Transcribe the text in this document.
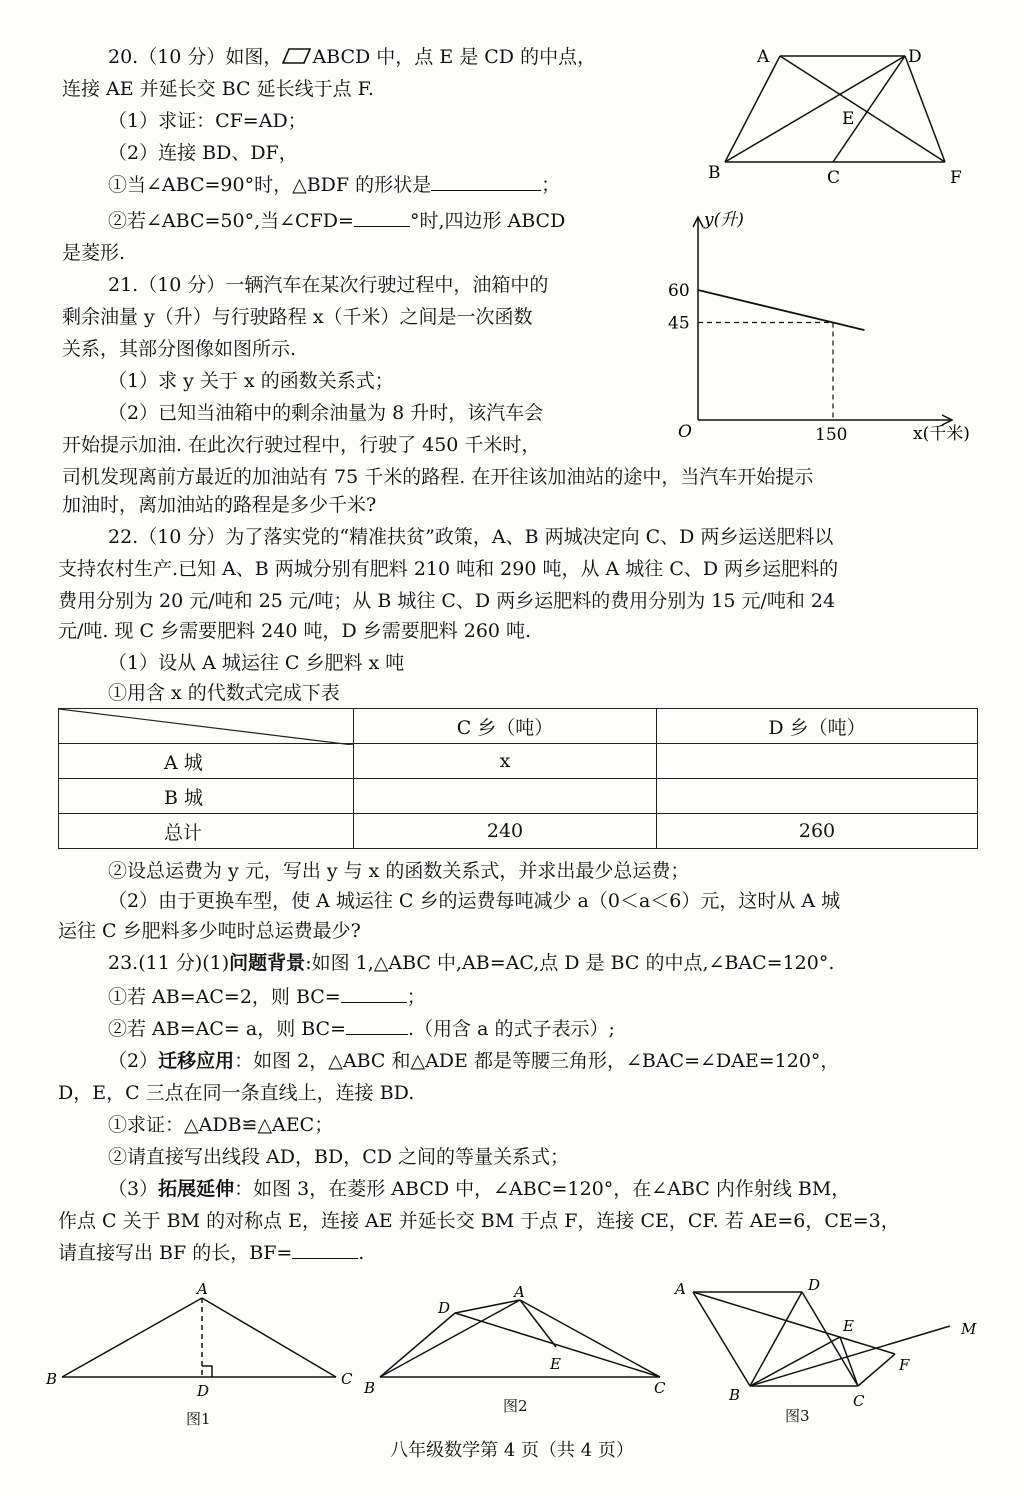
20.（10 分）如图， ABCD 中，点 E 是 CD 的中点，
连接 AE 并延长交 BC 延长线于点 F.
（1）求证：CF=AD；
（2）连接 BD、DF，
①当∠ABC=90°时，△BDF 的形状是	；
②若∠ABC=50°,当∠CFD=	°时,四边形 ABCD
是菱形.
A	D
E
B	C	F
21.（10 分）一辆汽车在某次行驶过程中，油箱中的
剩余油量 y（升）与行驶路程 x（千米）之间是一次函数
关系，其部分图像如图所示.
（1）求 y 关于 x 的函数关系式；
（2）已知当油箱中的剩余油量为 8 升时，该汽车会
开始提示加油. 在此次行驶过程中，行驶了 450 千米时，
司机发现离前方最近的加油站有 75 千米的路程. 在开往该加油站的途中，当汽车开始提示
加油时，离加油站的路程是多少千米?
y(升)
x(千米)
O
60
45
150
22.（10 分）为了落实党的“精准扶贫”政策，A、B 两城决定向 C、D 两乡运送肥料以
支持农村生产.已知 A、B 两城分别有肥料 210 吨和 290 吨，从 A 城往 C、D 两乡运肥料的
费用分别为 20 元/吨和 25 元/吨；从 B 城往 C、D 两乡运肥料的费用分别为 15 元/吨和 24
元/吨. 现 C 乡需要肥料 240 吨，D 乡需要肥料 260 吨.
（1）设从 A 城运往 C 乡肥料 x 吨
①用含 x 的代数式完成下表
	C 乡（吨）	D 乡（吨）
A 城	x	
B 城		
总计	240	260
②设总运费为 y 元，写出 y 与 x 的函数关系式，并求出最少总运费；
（2）由于更换车型，使 A 城运往 C 乡的运费每吨减少 a（0＜a＜6）元，这时从 A 城
运往 C 乡肥料多少吨时总运费最少?
23.(11 分)(1)问题背景:如图 1,△ABC 中,AB=AC,点 D 是 BC 的中点,∠BAC=120°.
①若 AB=AC=2，则 BC=	；
②若 AB=AC= a，则 BC=	.（用含 a 的式子表示）;
（2）迁移应用：如图 2，△ABC 和△ADE 都是等腰三角形，∠BAC=∠DAE=120°，
D，E，C 三点在同一条直线上，连接 BD.
①求证：△ADB≌△AEC；
②请直接写出线段 AD，BD，CD 之间的等量关系式；
（3）拓展延伸：如图 3，在菱形 ABCD 中，∠ABC=120°，在∠ABC 内作射线 BM，
作点 C 关于 BM 的对称点 E，连接 AE 并延长交 BM 于点 F，连接 CE，CF. 若 AE=6，CE=3，
请直接写出 BF 的长，BF=	.
A
B	C
D
图1
A
D
E
B	C
图2
A	D
E
F
M
B	C
图3
八年级数学第 4 页（共 4 页）
